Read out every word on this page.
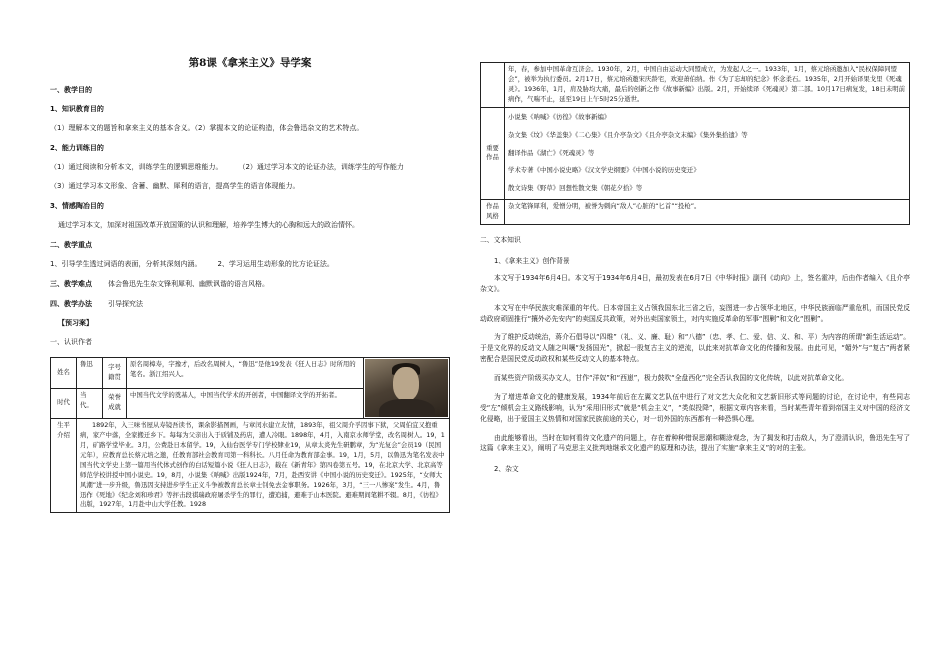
第8课《拿来主义》导学案
一、教学目的
1、知识教育目的
（1）理解本文的题旨和拿来主义的基本含义。（2）掌握本文的论证构造，体会鲁迅杂文的艺术特点。
2、能力训练目的
（1）通过阅读和分析本文，训练学生的逻辑思维能力。 （2）通过学习本文的论证办法，训练学生的写作能力
（3）通过学习本文形象、含蓄、幽默、犀利的语言，提高学生的语言体现能力。
3、情感陶冶目的
通过学习本文，加深对祖国改革开放国策的认识和理解，培养学生博大的心胸和远大的政治情怀。
二、教学重点
1、引导学生透过词语的表面，分析其深刻内涵。 2、学习运用生动形象的比方论证法。
三、教学难点 体会鲁迅先生杂文锋利犀利、幽默讽谐的语言风格。
四、教学办法 引导探究法
【预习案】
一、认识作者
姓名	鲁迅	字号籍贯	原名周樟寿，字豫才，后改名周树人，“鲁迅”是他19发表《狂人日志》时所用的笔名。浙江绍兴人。	

时代	当代。	荣誉成就	中国当代文学的奠基人，中国当代学术的开创者，中国翻译文学的开拓者。	
生平介绍	1892年，入三味书屋从寿镜吾读书，课余影描图画，与章闰水建立友情，1893年，祖父周介孚因事下狱，父周伯宜又抱重病，家产中落，全家搬迁乡下。每每为父亲出入于质铺及药店，遭人冷眼。1898年，4月，入南京水师学堂，改名周树人。19，1月，矿路学堂毕业。3月，公费赴日本留学。19，入仙台医学专门学校肄业19，从章太炎先生研鹏章，为“光复会”会员19（民国元年），应教育总长蔡元培之邀，任教育部社会教育司第一科科长。八月任命为教育部金事。19，1月，5月，以鲁迅为笔名发表中国当代文学史上第一篇用当代体式创作的白话短篇小说《狂人日志》，载在《新青年》第四卷第五号。19，在北京大学、北京高等师范学校讲授中国小说史。19，8月，小说集《呐喊》出版1924年，7月，赴西安讲《中国小说的历史变迁》。1925年，“女师大风潮”进一步升级，鲁迅因支持进步学生正义斗争被教育总长章士钊免去金事职务。1926年，3月，“三一八惨案”发生。4月，鲁迅作《死地》《纪念刘和珍君》等抨击段祺瑞政府屠杀学生的罪行，遭追捕，避难于山本医院。避难期间笔耕不辍。8月，《彷徨》出版，1927年，1月赴中山大学任教。1928			
	年，春，参加中国革命互济会。1930年，2月，中国自由运动大同盟成立，为发起人之一。1933年，1月，蔡元培函邀加入“民权保障同盟会”，被举为执行委员。2月17日，蔡元培函邀宋庆龄宅，欢迎萧伯纳。作《为了忘却的纪念》怀念柔石。1935年，2月开始译果戈里《死魂灵》。1936年，1月，肩及胁均大痛，最后的创新之作《故事新编》出版。2月，开始续译《死魂灵》第二部。10月17日病复发，18日未明前病作，气喘不止，延至19日上午5时25分逝世。
重要作品	小说集《呐喊》《彷徨》《故事新编》
杂文集《坟》《华盖集》《二心集》《且介亭杂文》《且介亭杂文末编》《集外集拾遗》等
翻译作品《湖亡》《死魂灵》等
学术专著《中国小说史略》《汉文学史纲要》《中国小说的历史变迁》
散文诗集《野草》回想性散文集《朝花夕拾》等

作品风格	杂文笔锋犀利，爱憎分明，被誉为刺向“敌人”心脏的“匕首”“投枪”。
二、文本知识
1、《拿来主义》创作背景
本文写于1934年6月4日。本文写于1934年6月4日，最初发表在6月7日《中华时报》副刊《动向》上，签名霍冲，后由作者编入《且介亭杂文》。
本文写在中华民族灾难深重的年代。日本帝国主义占领我国东北三省之后，妄图进一步占领华北地区，中华民族面临严重危机，而国民党反动政府顽固推行“攘外必先安内”的卖国反共政策，对外出卖国家领土，对内实施反革命的军事“围剿”和文化“围剿”。
为了维护反动统治，蒋介石倡导以“四维”（礼、义、廉、耻）和“八德”（忠、孝、仁、爱、信、义、和、平）为内容的所谓“新生活运动”。于是文化界的反动文人随之叫嚷“发扬国光”，掀起一股复古主义的逆流，以此来对抗革命文化的传播和发展。由此可见，“媚外”与“复古”两者紧密配合是国民党反动政权和某些反动文人的基本特点。
而某些资产阶级买办文人，甘作“洋奴”和“西崽”，极力鼓吹“全盘西化”完全否认我国的文化传统，以此对抗革命文化。
为了增进革命文化的健康发展，1934年前后在左翼文艺队伍中进行了对文艺大众化和文艺新旧形式等问题的讨论，在讨论中，有些同志受“左”倾机会主义路线影响，认为“采用旧形式”就是“机会主义”，“类似投降”，根据文章内容来看，当时某些青年看到帝国主义对中国的经济文化侵略，出于爱国主义热情和对国家民族前途的关心，对一切外国的东西都有一种恐惧心理。
由此能够看出，当时在如何看待文化遗产的问题上，存在着种种错误思潮和糊涂观念，为了揭发和打击敌人，为了澄清认识，鲁迅先生写了这篇《拿来主义》，阐明了马克思主义批判地继承文化遗产的原理和办法，提出了实施“拿来主义”的对的主张。
2、杂文
